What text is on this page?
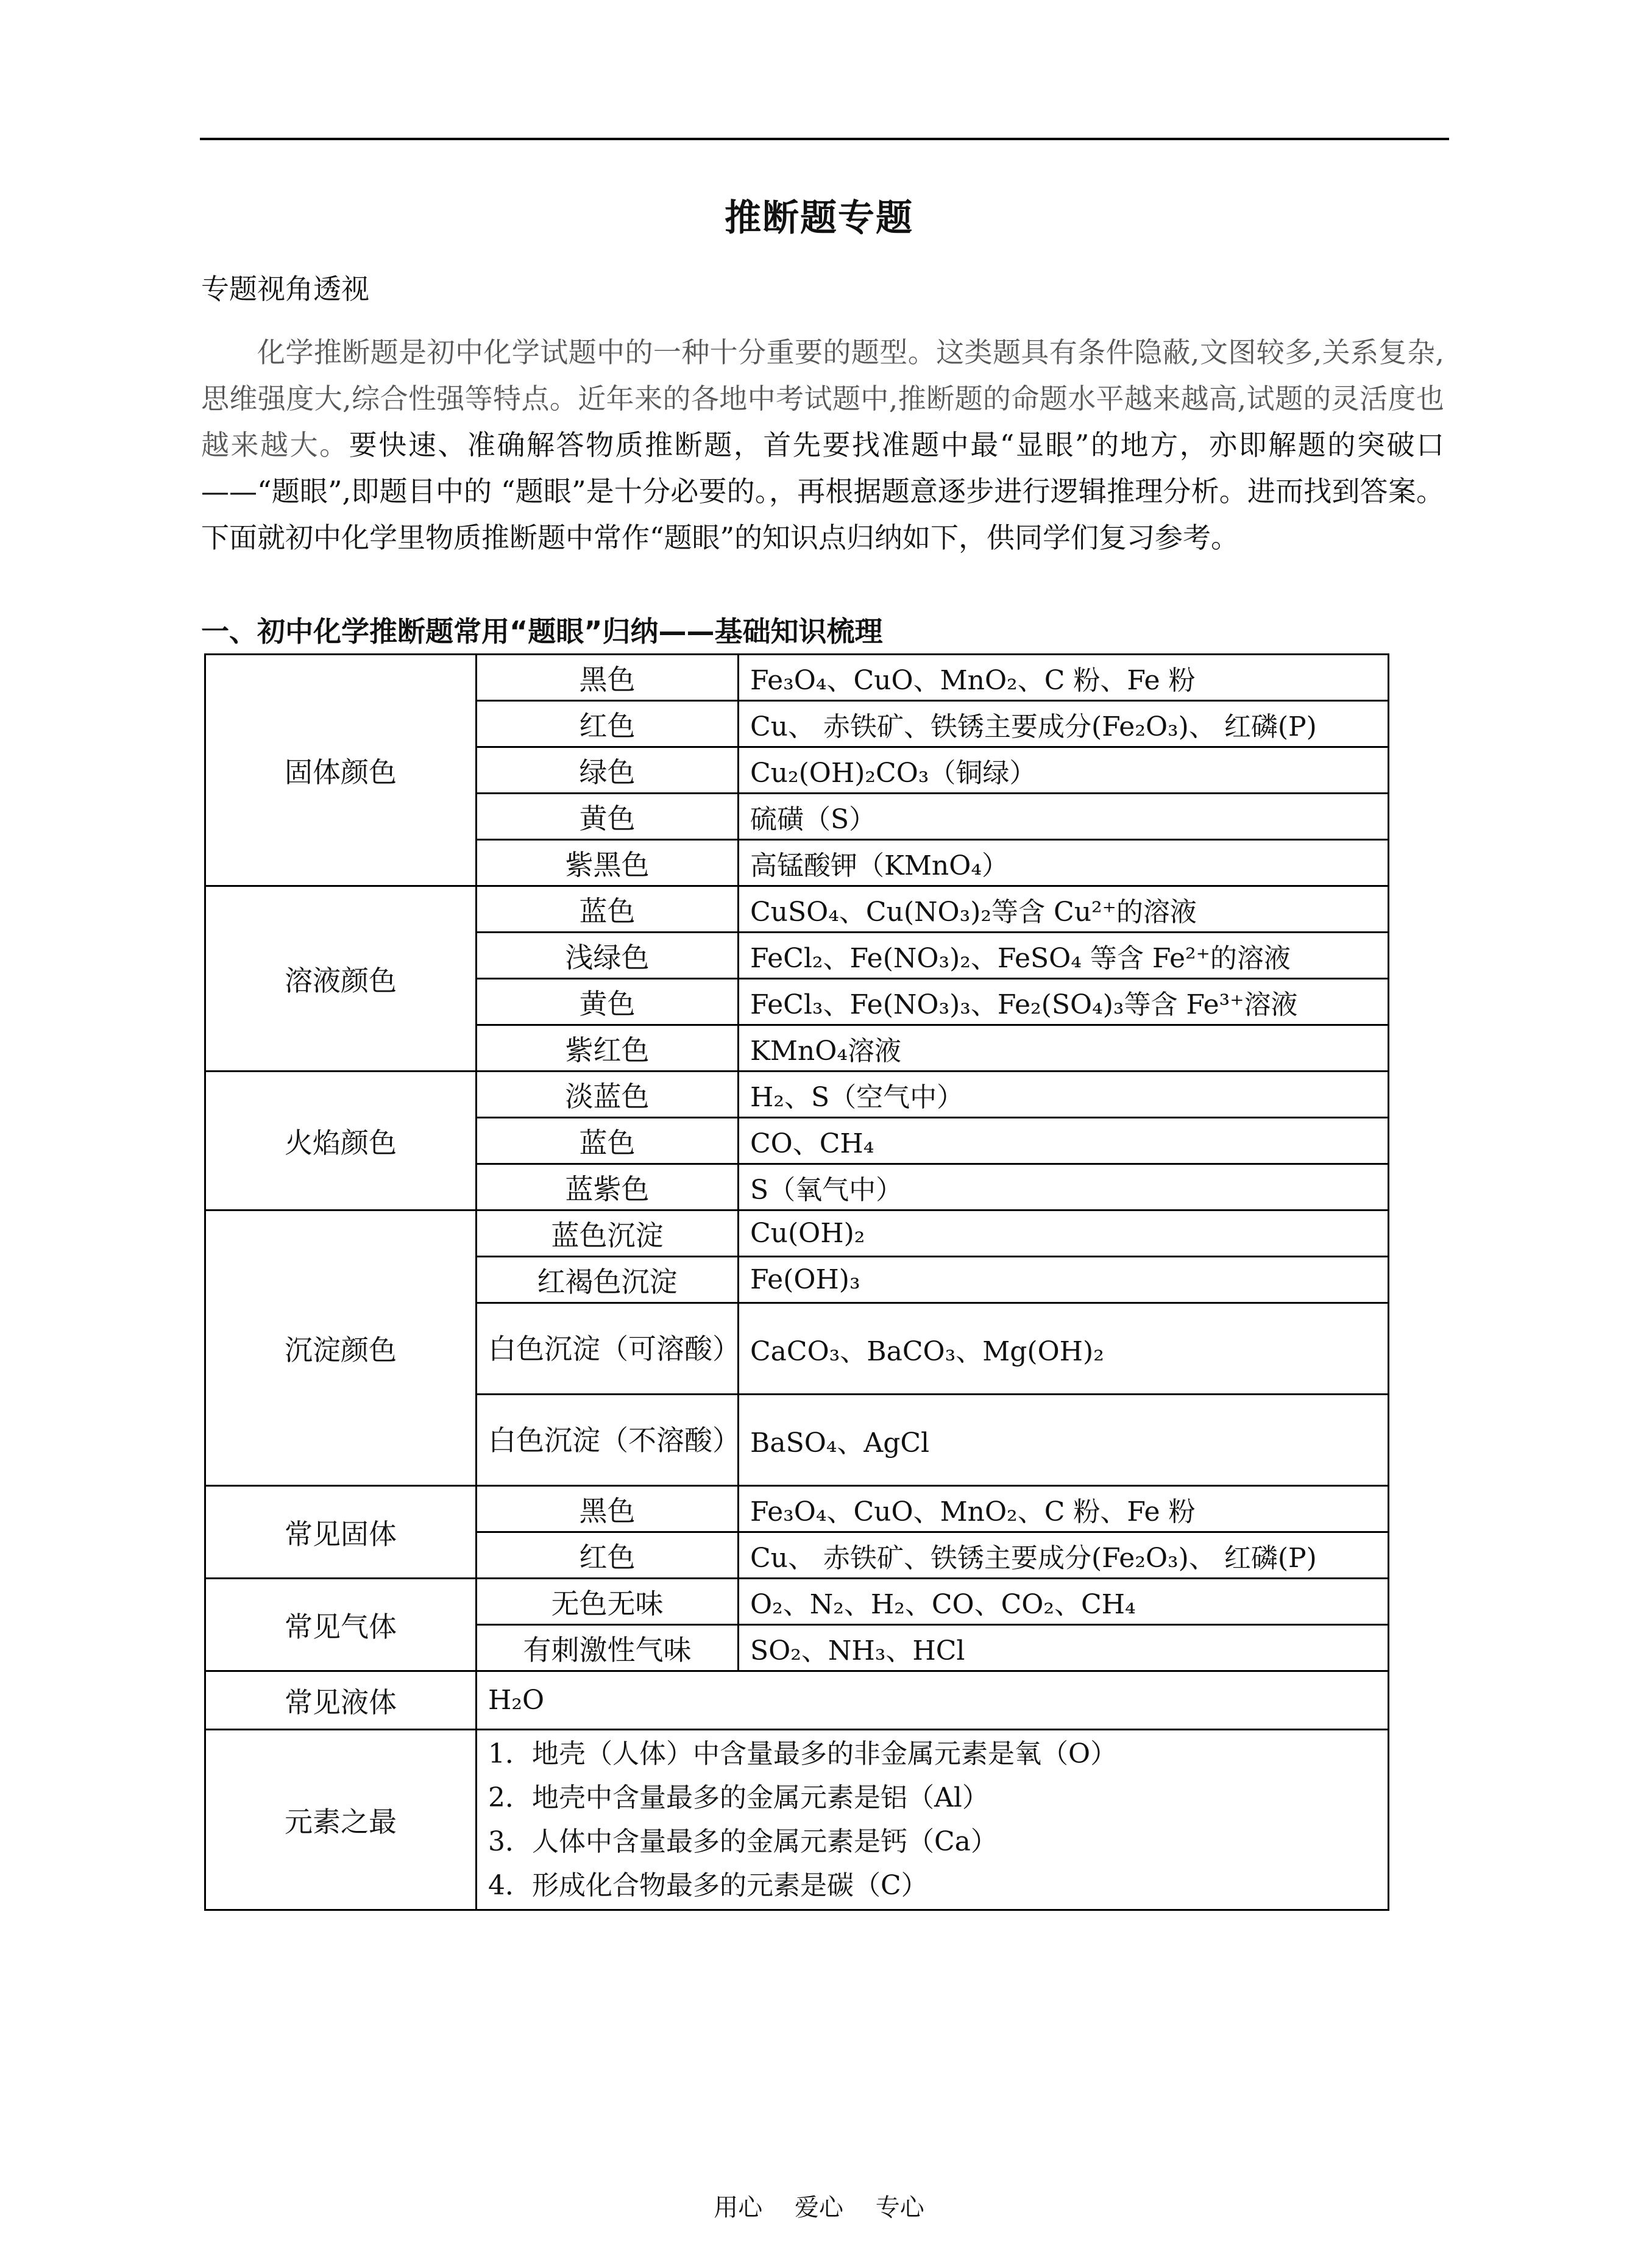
推断题专题
专题视角透视
化学推断题是初中化学试题中的一种十分重要的题型。这类题具有条件隐蔽,文图较多,关系复杂,思维强度大,综合性强等特点。近年来的各地中考试题中,推断题的命题水平越来越高,试题的灵活度也越来越大。要快速、准确解答物质推断题，首先要找准题中最“显眼”的地方，亦即解题的突破口——“题眼”,即题目中的 “题眼”是十分必要的。，再根据题意逐步进行逻辑推理分析。进而找到答案。下面就初中化学里物质推断题中常作“题眼”的知识点归纳如下，供同学们复习参考。
一、初中化学推断题常用“题眼”归纳——基础知识梳理
固体颜色	黑色	Fe₃O₄、CuO、MnO₂、C 粉、Fe 粉
	红色	Cu、 赤铁矿、铁锈主要成分(Fe₂O₃)、 红磷(P)
	绿色	Cu₂(OH)₂CO₃（铜绿）
	黄色	硫磺（S）
	紫黑色	高锰酸钾（KMnO₄）
溶液颜色	蓝色	CuSO₄、Cu(NO₃)₂等含 Cu²⁺的溶液
	浅绿色	FeCl₂、Fe(NO₃)₂、FeSO₄ 等含 Fe²⁺的溶液
	黄色	FeCl₃、Fe(NO₃)₃、Fe₂(SO₄)₃等含 Fe³⁺溶液
	紫红色	KMnO₄溶液
火焰颜色	淡蓝色	H₂、S（空气中）
	蓝色	CO、CH₄
	蓝紫色	S（氧气中）
沉淀颜色	蓝色沉淀	Cu(OH)₂
	红褐色沉淀	Fe(OH)₃
	白色沉淀（可溶酸）	CaCO₃、BaCO₃、Mg(OH)₂
	白色沉淀（不溶酸）	BaSO₄、AgCl
常见固体	黑色	Fe₃O₄、CuO、MnO₂、C 粉、Fe 粉
	红色	Cu、 赤铁矿、铁锈主要成分(Fe₂O₃)、 红磷(P)
常见气体	无色无味	O₂、N₂、H₂、CO、CO₂、CH₄
	有刺激性气味	SO₂、NH₃、HCl
常见液体	H₂O	
元素之最	1．地壳（人体）中含量最多的非金属元素是氧（O）
2．地壳中含量最多的金属元素是铝（Al）
3．人体中含量最多的金属元素是钙（Ca）
4．形成化合物最多的元素是碳（C）	
用心 爱心 专心
